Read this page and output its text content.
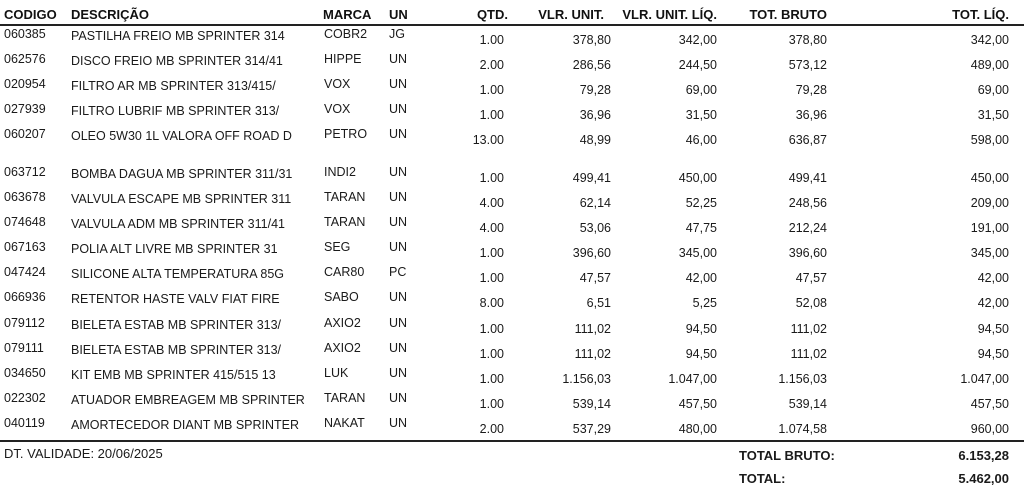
CODIGO DESCRIÇÃO	MARCA UN	QTD. VLR. UNIT. VLR. UNIT. LÍQ. TOT. BRUTO	TOT. LÍQ.
060385 PASTILHA FREIO MB SPRINTER 314	COBR2 JG	1.00	378,80	342,00	378,80	342,00
062576 DISCO FREIO MB SPRINTER 314/41	HIPPE UN	2.00	286,56	244,50	573,12	489,00
020954 FILTRO AR MB SPRINTER 313/415/	VOX	UN	1.00	79,28	69,00	79,28	69,00
027939 FILTRO LUBRIF MB SPRINTER 313/	VOX	UN	1.00	36,96	31,50	36,96	31,50
060207 OLEO 5W30 1L VALORA OFF ROAD D	PETRO UN	13.00	48,99	46,00	636,87	598,00
063712 BOMBA DAGUA MB SPRINTER 311/31	INDI2	UN	1.00	499,41	450,00	499,41	450,00
063678 VALVULA ESCAPE MB SPRINTER 311	TARAN UN	4.00	62,14	52,25	248,56	209,00
074648 VALVULA ADM MB SPRINTER 311/41	TARAN UN	4.00	53,06	47,75	212,24	191,00
067163 POLIA ALT LIVRE MB SPRINTER 31	SEG	UN	1.00	396,60	345,00	396,60	345,00
047424 SILICONE ALTA TEMPERATURA 85G	CAR80 PC	1.00	47,57	42,00	47,57	42,00
066936 RETENTOR HASTE VALV FIAT FIRE	SABO UN	8.00	6,51	5,25	52,08	42,00
079112 BIELETA ESTAB MB SPRINTER 313/	AXIO2 UN	1.00	111,02	94,50	111,02	94,50
079111 BIELETA ESTAB MB SPRINTER 313/	AXIO2 UN	1.00	111,02	94,50	111,02	94,50
034650 KIT EMB MB SPRINTER 415/515 13	LUK	UN	1.00	1.156,03	1.047,00	1.156,03	1.047,00
022302 ATUADOR EMBREAGEM MB SPRINTER	TARAN UN	1.00	539,14	457,50	539,14	457,50
040119 AMORTECEDOR DIANT MB SPRINTER	NAKAT UN	2.00	537,29	480,00	1.074,58	960,00
DT. VALIDADE: 20/06/2025	TOTAL BRUTO:	6.153,28
TOTAL:	5.462,00
